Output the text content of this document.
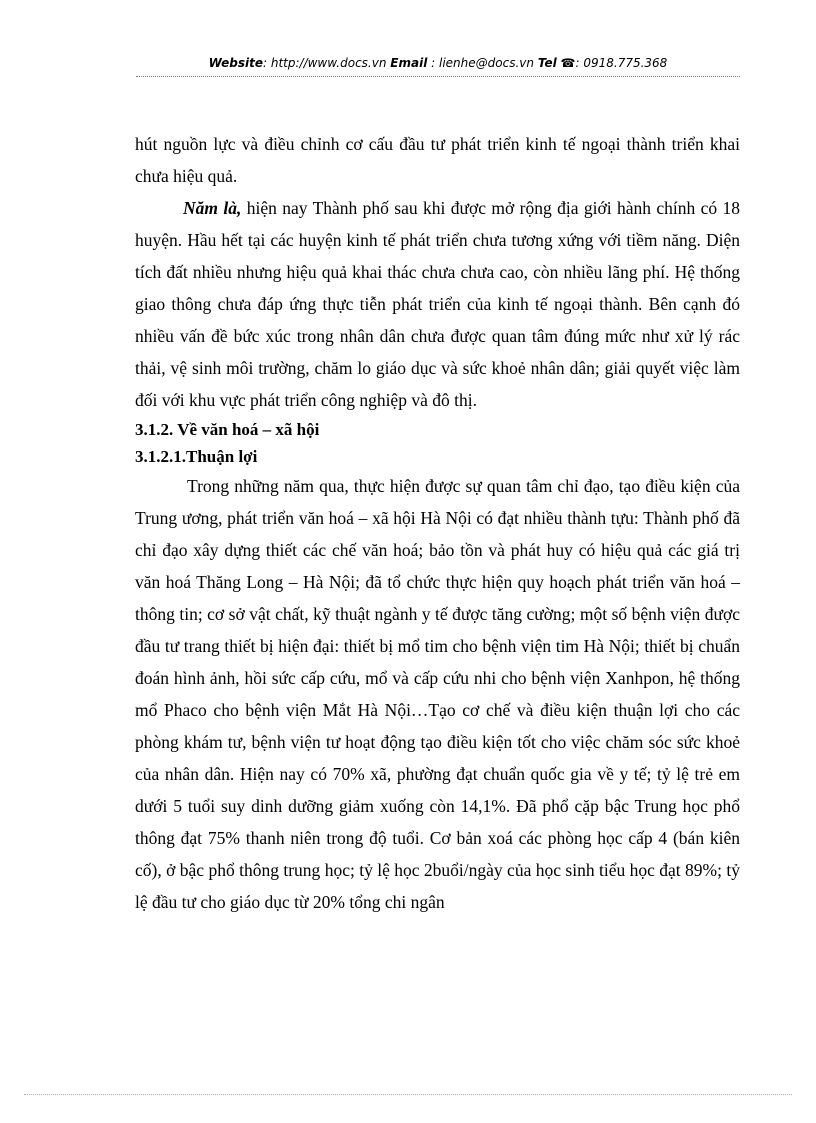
Website: http://www.docs.vn Email : lienhe@docs.vn Tel ☎: 0918.775.368

hút nguồn lực và điều chỉnh cơ cấu đầu tư phát triển kinh tế ngoại thành triển khai chưa hiệu quả.

Năm là, hiện nay Thành phố sau khi được mở rộng địa giới hành chính có 18 huyện. Hầu hết tại các huyện kinh tế phát triển chưa tương xứng với tiềm năng. Diện tích đất nhiều nhưng hiệu quả khai thác chưa chưa cao, còn nhiều lãng phí. Hệ thống giao thông chưa đáp ứng thực tiễn phát triển của kinh tế ngoại thành. Bên cạnh đó nhiều vấn đề bức xúc trong nhân dân chưa được quan tâm đúng mức như xử lý rác thải, vệ sinh môi trường, chăm lo giáo dục và sức khoẻ nhân dân; giải quyết việc làm đối với khu vực phát triển công nghiệp và đô thị.

3.1.2. Về văn hoá – xã hội

3.1.2.1.Thuận lợi

Trong những năm qua, thực hiện được sự quan tâm chỉ đạo, tạo điều kiện của Trung ương, phát triển văn hoá – xã hội Hà Nội có đạt nhiều thành tựu: Thành phố đã chỉ đạo xây dựng thiết các chế văn hoá; bảo tồn và phát huy có hiệu quả các giá trị văn hoá Thăng Long – Hà Nội; đã tổ chức thực hiện quy hoạch phát triển văn hoá – thông tin; cơ sở vật chất, kỹ thuật ngành y tế được tăng cường; một số bệnh viện được đầu tư trang thiết bị hiện đại: thiết bị mổ tim cho bệnh viện tim Hà Nội; thiết bị chuẩn đoán hình ảnh, hồi sức cấp cứu, mổ và cấp cứu nhi cho bệnh viện Xanhpon, hệ thống mổ Phaco cho bệnh viện Mắt Hà Nội…Tạo cơ chế và điều kiện thuận lợi cho các phòng khám tư, bệnh viện tư hoạt động tạo điều kiện tốt cho việc chăm sóc sức khoẻ của nhân dân. Hiện nay có 70% xã, phường đạt chuẩn quốc gia về y tế; tỷ lệ trẻ em dưới 5 tuổi suy dinh dưỡng giảm xuống còn 14,1%. Đã phổ cặp bậc Trung học phổ thông đạt 75% thanh niên trong độ tuổi. Cơ bản xoá các phòng học cấp 4 (bán kiên cố), ở bậc phổ thông trung học; tỷ lệ học 2buổi/ngày của học sinh tiểu học đạt 89%; tỷ lệ đầu tư cho giáo dục từ 20% tổng chi ngân
